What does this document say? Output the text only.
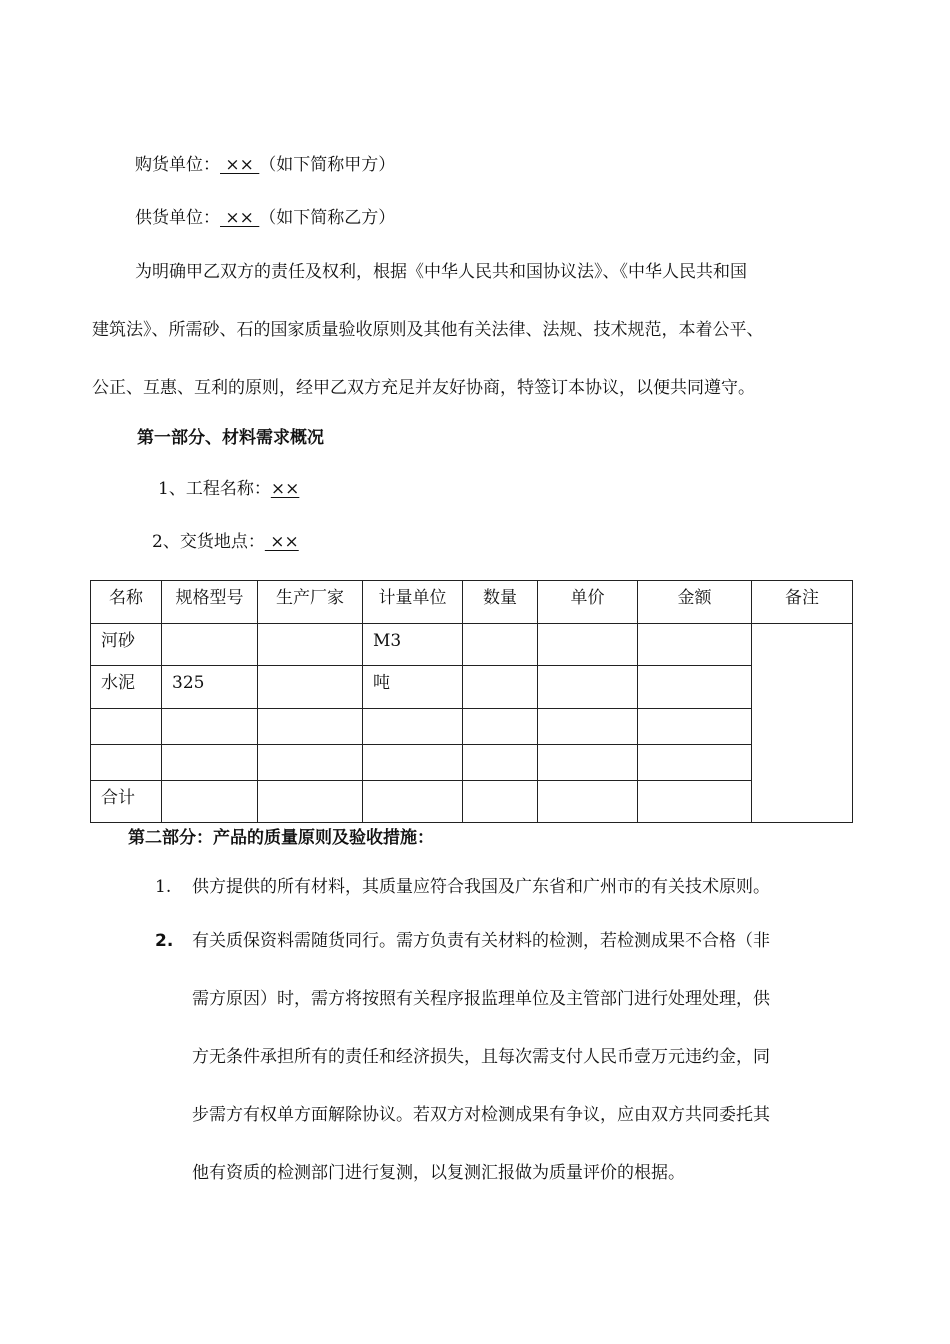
购货单位： ×× （如下简称甲方）
供货单位： ×× （如下简称乙方）
为明确甲乙双方的责任及权利，根据《中华人民共和国协议法》、《中华人民共和国
建筑法》、所需砂、石的国家质量验收原则及其他有关法律、法规、技术规范，本着公平、
公正、互惠、互利的原则，经甲乙双方充足并友好协商，特签订本协议，以便共同遵守。
第一部分、材料需求概况
1、工程名称：××
2、交货地点： ××
名称	规格型号	生产厂家	计量单位	数量	单价	金额	备注
河砂			M3				
水泥	325		吨				

合计							
第二部分：产品的质量原则及验收措施：
1. 供方提供的所有材料，其质量应符合我国及广东省和广州市的有关技术原则。
2. 有关质保资料需随货同行。需方负责有关材料的检测，若检测成果不合格（非
需方原因）时，需方将按照有关程序报监理单位及主管部门进行处理处理，供
方无条件承担所有的责任和经济损失，且每次需支付人民币壹万元违约金，同
步需方有权单方面解除协议。若双方对检测成果有争议，应由双方共同委托其
他有资质的检测部门进行复测，以复测汇报做为质量评价的根据。
